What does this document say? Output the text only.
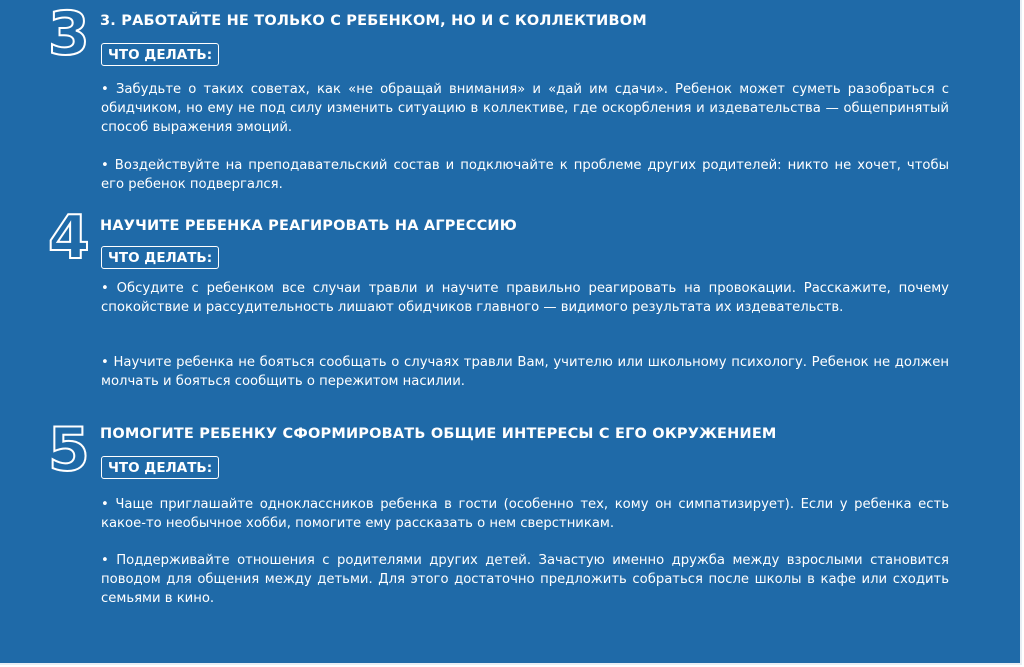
3 3. РАБОТАЙТЕ НЕ ТОЛЬКО С РЕБЕНКОМ, НО И С КОЛЛЕКТИВОМ
ЧТО ДЕЛАТЬ:

• Забудьте о таких советах, как «не обращай внимания» и «дай им сдачи». Ребенок может суметь разобраться с обидчиком, но ему не под силу изменить ситуацию в коллективе, где оскорбления и издевательства — общепринятый способ выражения эмоций.

• Воздействуйте на преподавательский состав и подключайте к проблеме других родителей: никто не хочет, чтобы его ребенок подвергался.

4 НАУЧИТЕ РЕБЕНКА РЕАГИРОВАТЬ НА АГРЕССИЮ
ЧТО ДЕЛАТЬ:

• Обсудите с ребенком все случаи травли и научите правильно реагировать на провокации. Расскажите, почему спокойствие и рассудительность лишают обидчиков главного — видимого результата их издевательств.

• Научите ребенка не бояться сообщать о случаях травли Вам, учителю или школьному психологу. Ребенок не должен молчать и бояться сообщить о пережитом насилии.

5 ПОМОГИТЕ РЕБЕНКУ СФОРМИРОВАТЬ ОБЩИЕ ИНТЕРЕСЫ С ЕГО ОКРУЖЕНИЕМ
ЧТО ДЕЛАТЬ:

• Чаще приглашайте одноклассников ребенка в гости (особенно тех, кому он симпатизирует). Если у ребенка есть какое-то необычное хобби, помогите ему рассказать о нем сверстникам.

• Поддерживайте отношения с родителями других детей. Зачастую именно дружба между взрослыми становится поводом для общения между детьми. Для этого достаточно предложить собраться после школы в кафе или сходить семьями в кино.
